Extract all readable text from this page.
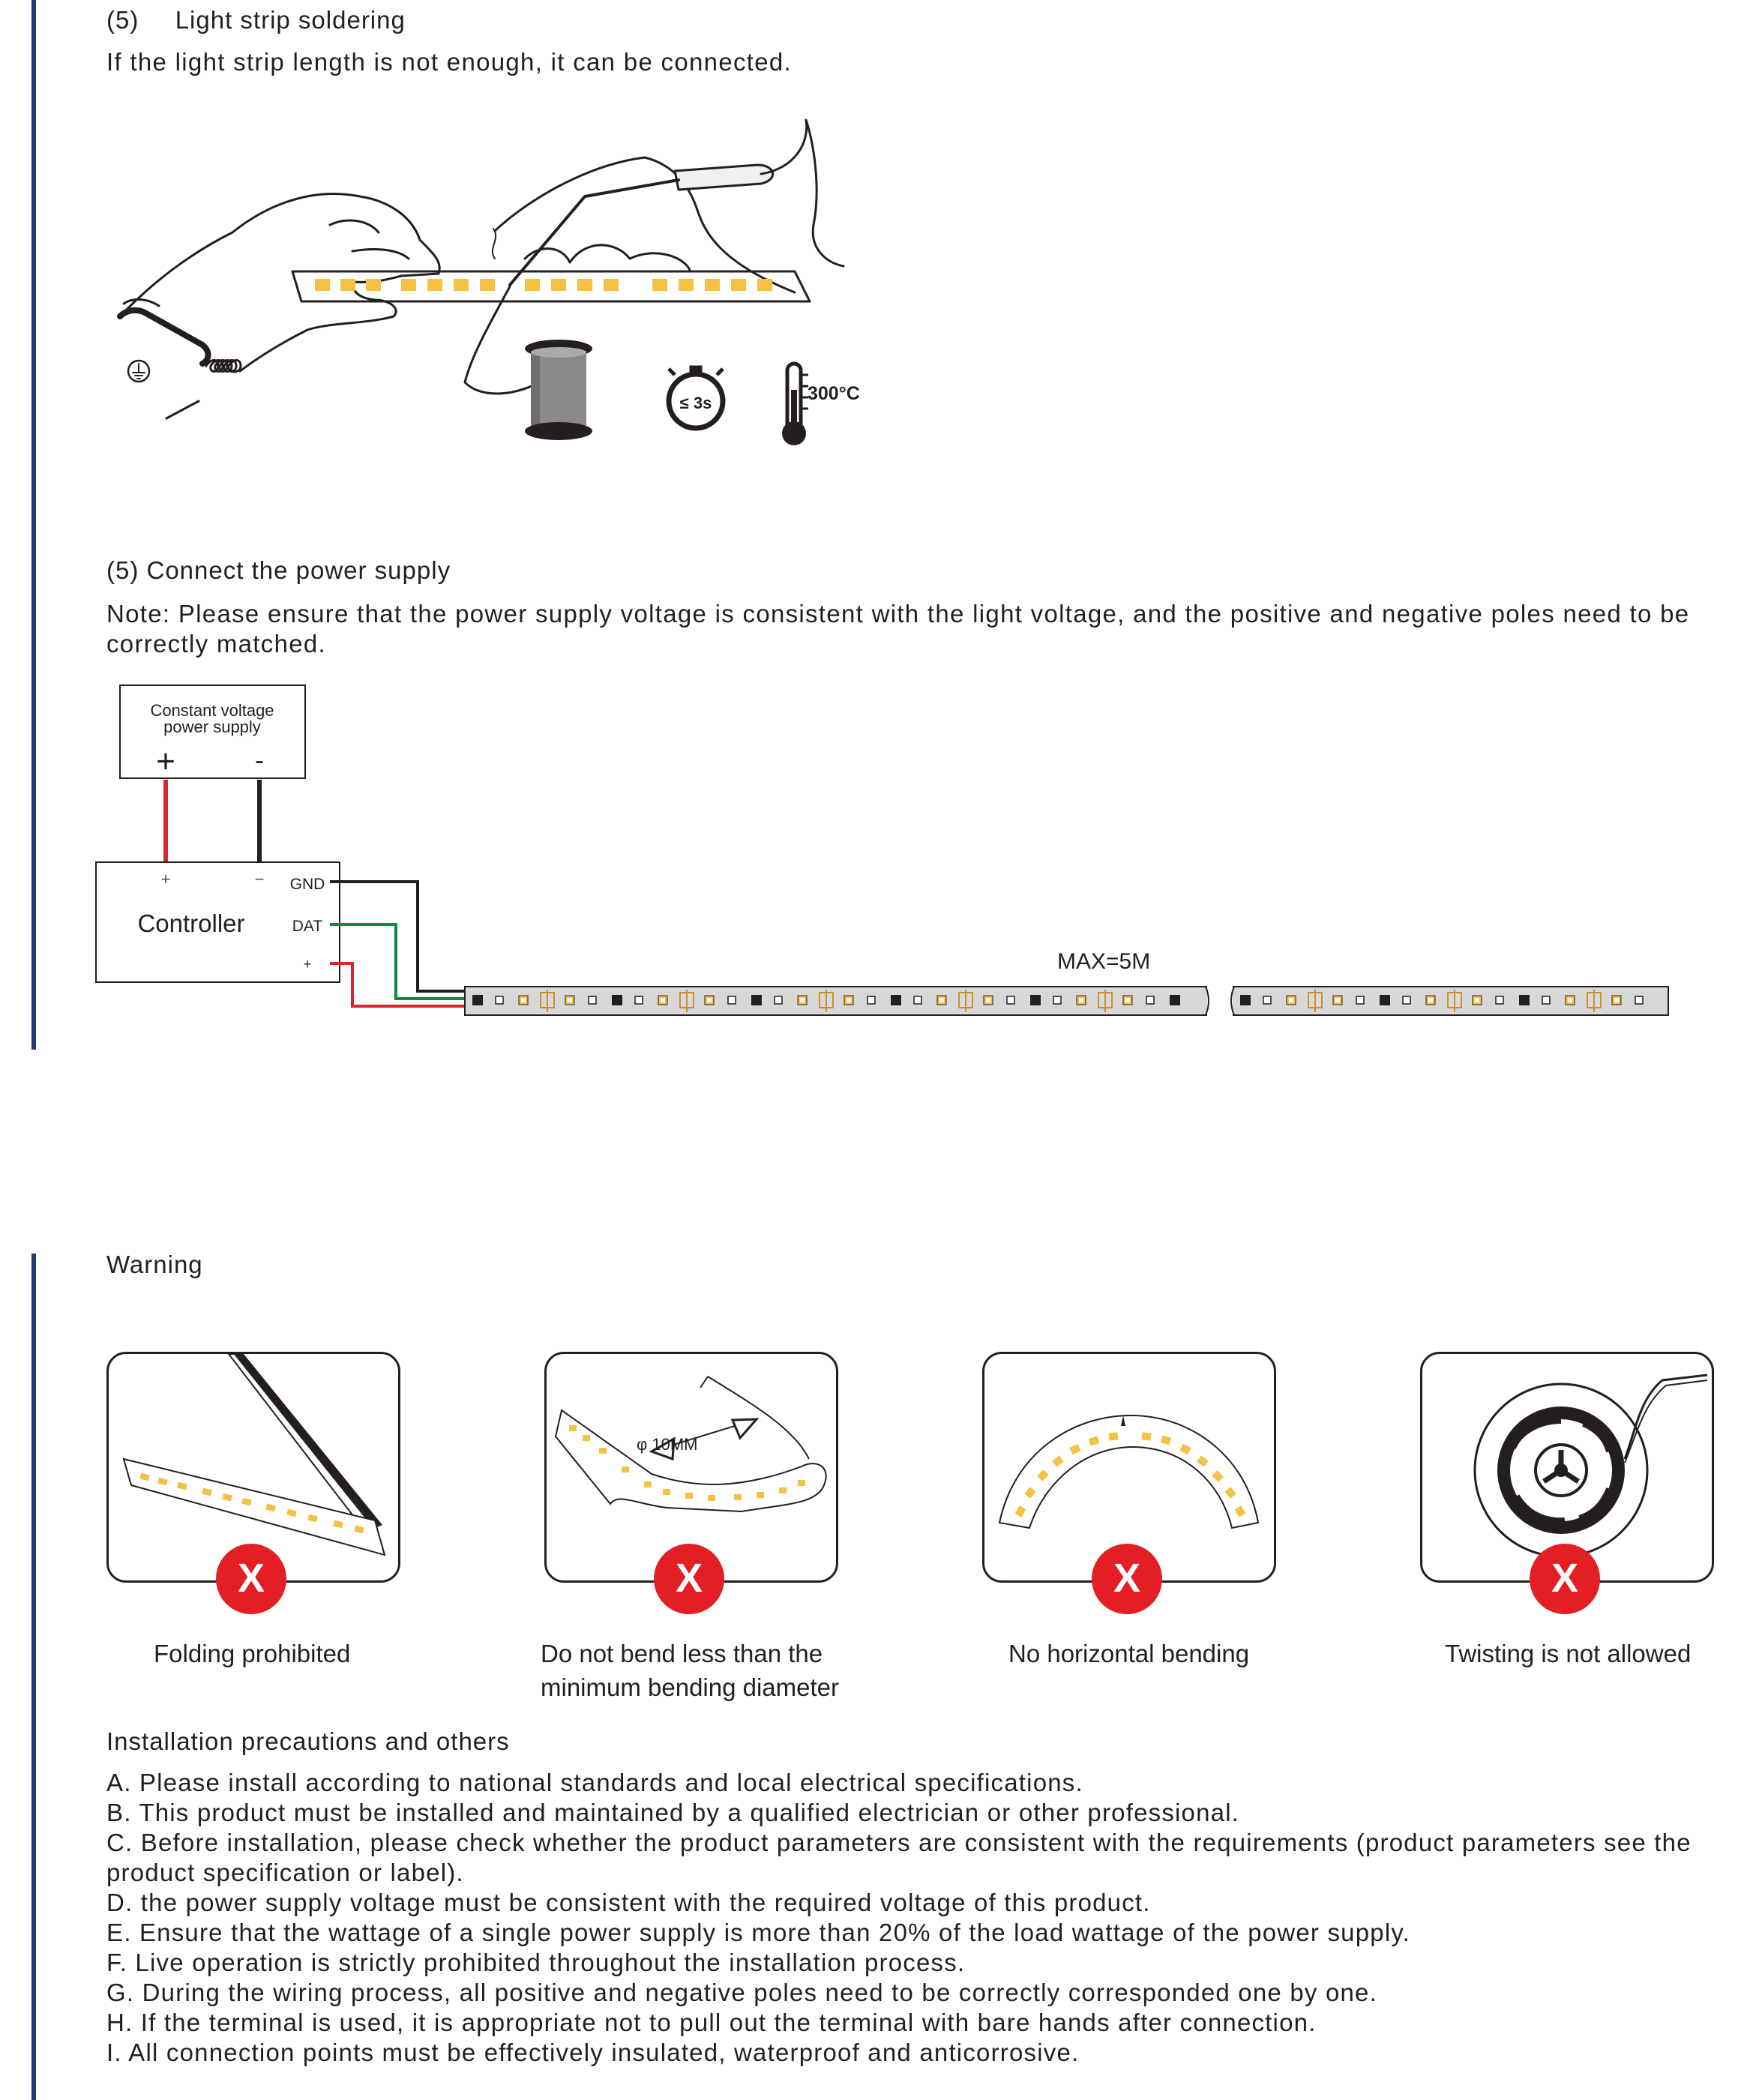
(5) Light strip soldering
If the light strip length is not enough, it can be connected.
≤ 3s	300°C
(5) Connect the power supply
Note: Please ensure that the power supply voltage is consistent with the light voltage, and the positive and negative poles need to be
correctly matched.
Constant voltage
power supply
+	-
+	−
Controller
GND
DAT
+	MAX=5M
Warning
X
Folding prohibited
φ 10MM
X
Do not bend less than the
minimum bending diameter
X
No horizontal bending
X
Twisting is not allowed
Installation precautions and others
A. Please install according to national standards and local electrical specifications.
B. This product must be installed and maintained by a qualified electrician or other professional.
C. Before installation, please check whether the product parameters are consistent with the requirements (product parameters see the
product specification or label).
D. the power supply voltage must be consistent with the required voltage of this product.
E. Ensure that the wattage of a single power supply is more than 20% of the load wattage of the power supply.
F. Live operation is strictly prohibited throughout the installation process.
G. During the wiring process, all positive and negative poles need to be correctly corresponded one by one.
H. If the terminal is used, it is appropriate not to pull out the terminal with bare hands after connection.
I. All connection points must be effectively insulated, waterproof and anticorrosive.
